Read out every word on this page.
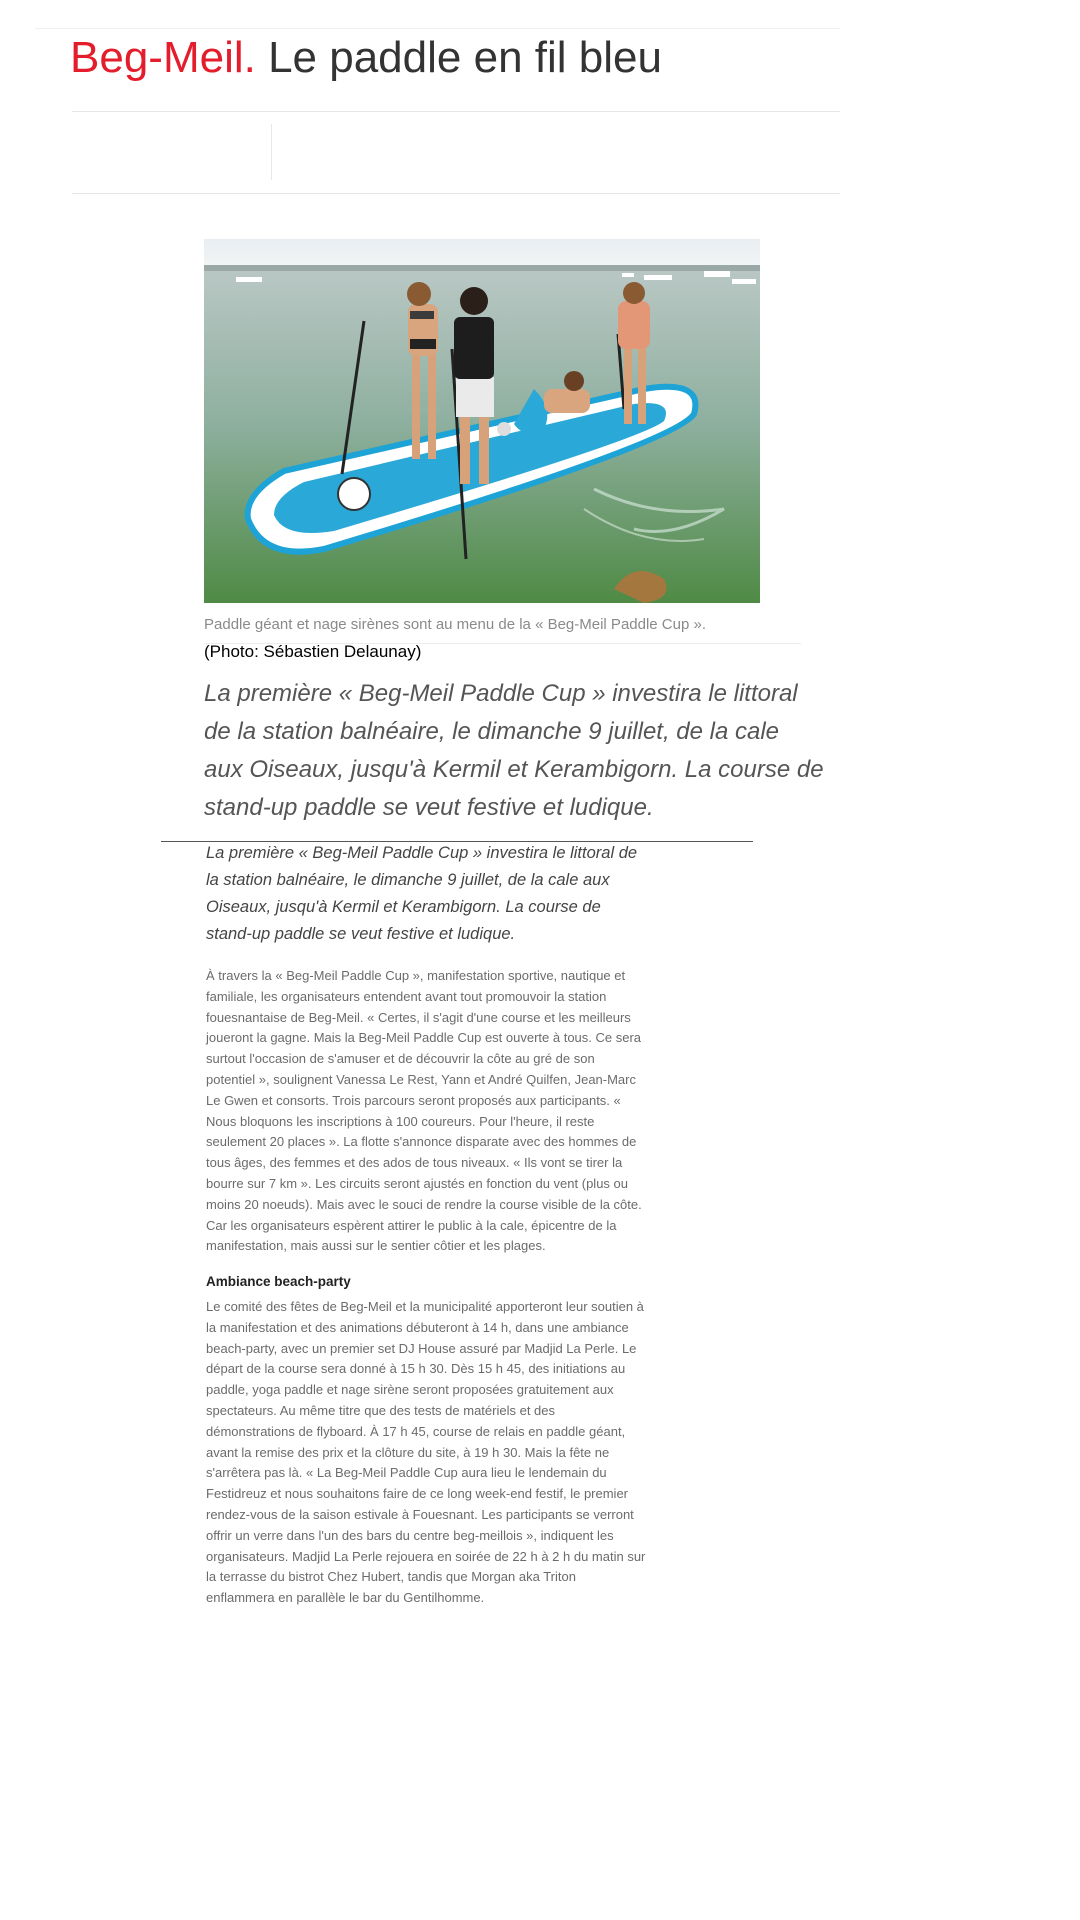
Beg-Meil. Le paddle en fil bleu
Paddle géant et nage sirènes sont au menu de la « Beg-Meil Paddle Cup ».
(Photo: Sébastien Delaunay)

La première « Beg-Meil Paddle Cup » investira le littoral de la station balnéaire, le dimanche 9 juillet, de la cale aux Oiseaux, jusqu'à Kermil et Kerambigorn. La course de stand-up paddle se veut festive et ludique.

La première « Beg-Meil Paddle Cup » investira le littoral de la station balnéaire, le dimanche 9 juillet, de la cale aux Oiseaux, jusqu'à Kermil et Kerambigorn. La course de stand-up paddle se veut festive et ludique.

À travers la « Beg-Meil Paddle Cup », manifestation sportive, nautique et familiale, les organisateurs entendent avant tout promouvoir la station fouesnantaise de Beg-Meil. « Certes, il s'agit d'une course et les meilleurs joueront la gagne. Mais la Beg-Meil Paddle Cup est ouverte à tous. Ce sera surtout l'occasion de s'amuser et de découvrir la côte au gré de son potentiel », soulignent Vanessa Le Rest, Yann et André Quilfen, Jean-Marc Le Gwen et consorts. Trois parcours seront proposés aux participants. « Nous bloquons les inscriptions à 100 coureurs. Pour l'heure, il reste seulement 20 places ». La flotte s'annonce disparate avec des hommes de tous âges, des femmes et des ados de tous niveaux. « Ils vont se tirer la bourre sur 7 km ». Les circuits seront ajustés en fonction du vent (plus ou moins 20 noeuds). Mais avec le souci de rendre la course visible de la côte. Car les organisateurs espèrent attirer le public à la cale, épicentre de la manifestation, mais aussi sur le sentier côtier et les plages.

Ambiance beach-party

Le comité des fêtes de Beg-Meil et la municipalité apporteront leur soutien à la manifestation et des animations débuteront à 14 h, dans une ambiance beach-party, avec un premier set DJ House assuré par Madjid La Perle. Le départ de la course sera donné à 15 h 30. Dès 15 h 45, des initiations au paddle, yoga paddle et nage sirène seront proposées gratuitement aux spectateurs. Au même titre que des tests de matériels et des démonstrations de flyboard. À 17 h 45, course de relais en paddle géant, avant la remise des prix et la clôture du site, à 19 h 30. Mais la fête ne s'arrêtera pas là. « La Beg-Meil Paddle Cup aura lieu le lendemain du Festidreuz et nous souhaitons faire de ce long week-end festif, le premier rendez-vous de la saison estivale à Fouesnant. Les participants se verront offrir un verre dans l'un des bars du centre beg-meillois », indiquent les organisateurs. Madjid La Perle rejouera en soirée de 22 h à 2 h du matin sur la terrasse du bistrot Chez Hubert, tandis que Morgan aka Triton enflammera en parallèle le bar du Gentilhomme.
